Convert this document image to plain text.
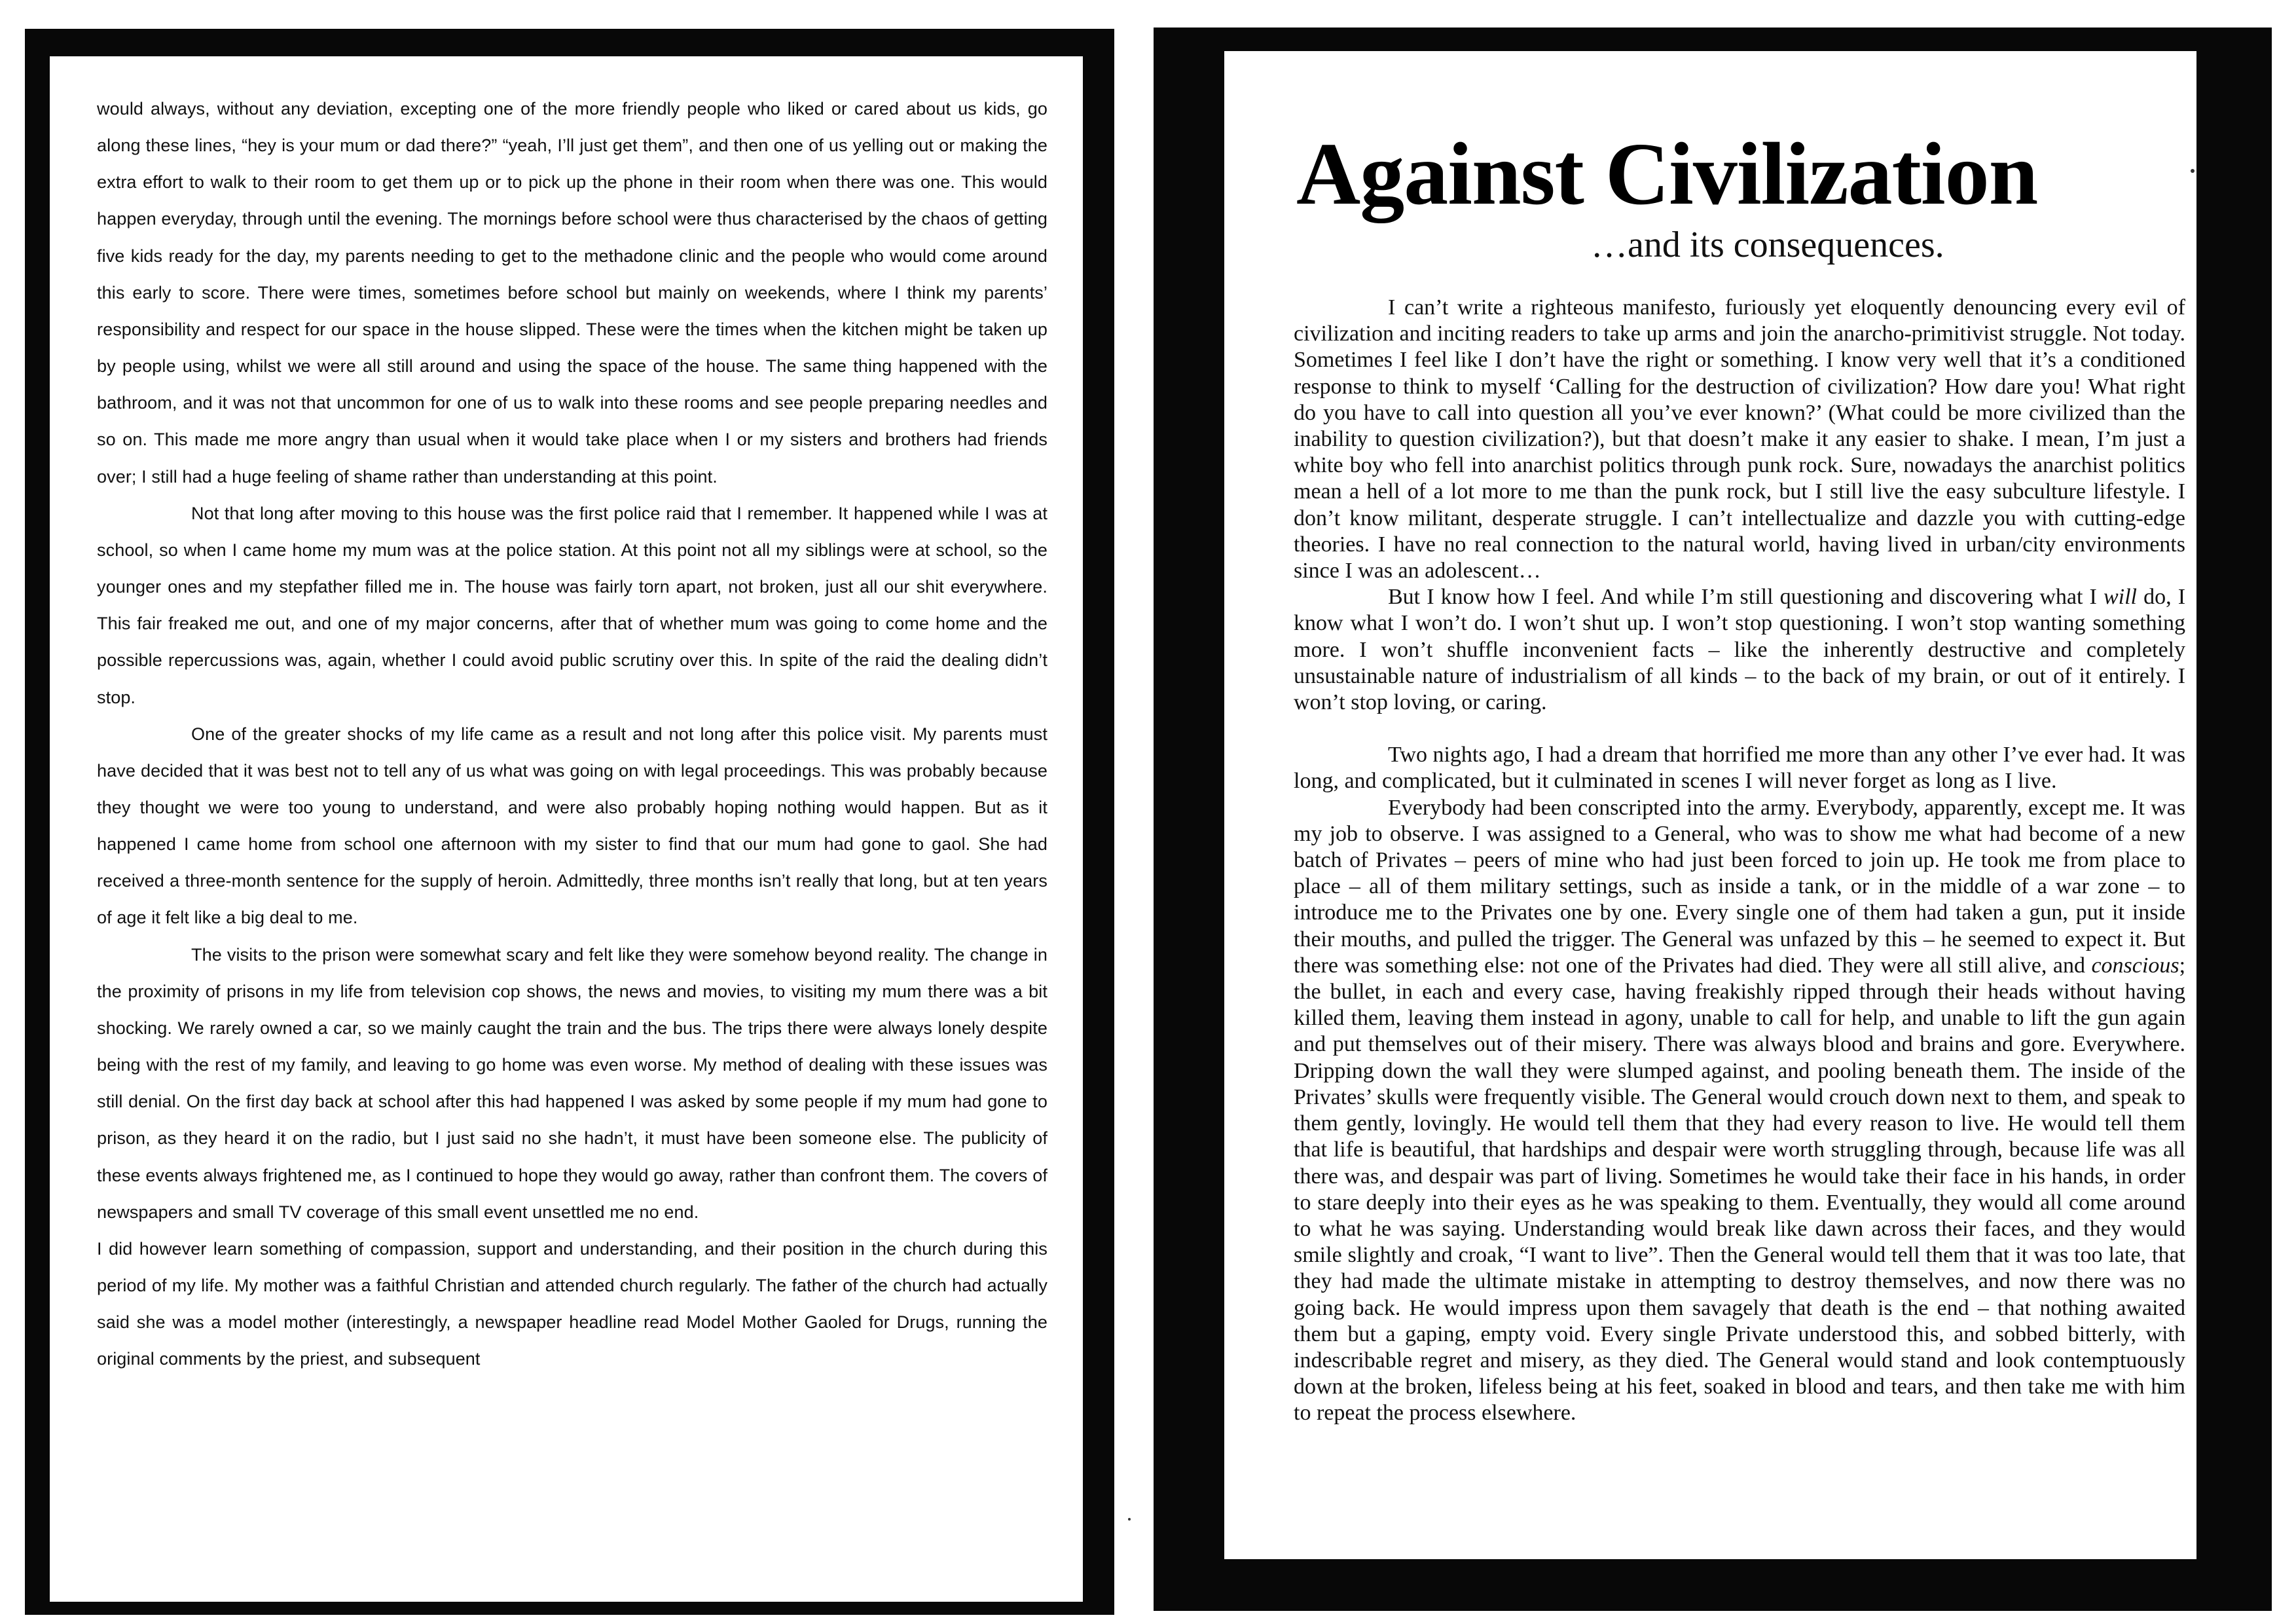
would always, without any deviation, excepting one of the more friendly people who liked or cared about us kids, go along these lines, “hey is your mum or dad there?” “yeah, I’ll just get them”, and then one of us yelling out or making the extra effort to walk to their room to get them up or to pick up the phone in their room when there was one. This would happen everyday, through until the evening. The mornings before school were thus characterised by the chaos of getting five kids ready for the day, my parents needing to get to the methadone clinic and the people who would come around this early to score. There were times, sometimes before school but mainly on weekends, where I think my parents’ responsibility and respect for our space in the house slipped. These were the times when the kitchen might be taken up by people using, whilst we were all still around and using the space of the house. The same thing happened with the bathroom, and it was not that uncommon for one of us to walk into these rooms and see people preparing needles and so on. This made me more angry than usual when it would take place when I or my sisters and brothers had friends over; I still had a huge feeling of shame rather than understanding at this point.

Not that long after moving to this house was the first police raid that I remember. It happened while I was at school, so when I came home my mum was at the police station. At this point not all my siblings were at school, so the younger ones and my stepfather filled me in. The house was fairly torn apart, not broken, just all our shit everywhere. This fair freaked me out, and one of my major concerns, after that of whether mum was going to come home and the possible repercussions was, again, whether I could avoid public scrutiny over this. In spite of the raid the dealing didn’t stop.

One of the greater shocks of my life came as a result and not long after this police visit. My parents must have decided that it was best not to tell any of us what was going on with legal proceedings. This was probably because they thought we were too young to understand, and were also probably hoping nothing would happen. But as it happened I came home from school one afternoon with my sister to find that our mum had gone to gaol. She had received a three-month sentence for the supply of heroin. Admittedly, three months isn’t really that long, but at ten years of age it felt like a big deal to me.

The visits to the prison were somewhat scary and felt like they were somehow beyond reality. The change in the proximity of prisons in my life from television cop shows, the news and movies, to visiting my mum there was a bit shocking. We rarely owned a car, so we mainly caught the train and the bus. The trips there were always lonely despite being with the rest of my family, and leaving to go home was even worse. My method of dealing with these issues was still denial. On the first day back at school after this had happened I was asked by some people if my mum had gone to prison, as they heard it on the radio, but I just said no she hadn’t, it must have been someone else. The publicity of these events always frightened me, as I continued to hope they would go away, rather than confront them. The covers of newspapers and small TV coverage of this small event unsettled me no end.

I did however learn something of compassion, support and understanding, and their position in the church during this period of my life. My mother was a faithful Christian and attended church regularly. The father of the church had actually said she was a model mother (interestingly, a newspaper headline read Model Mother Gaoled for Drugs, running the original comments by the priest, and subsequent

Against Civilization
…and its consequences.

I can’t write a righteous manifesto, furiously yet eloquently denouncing every evil of civilization and inciting readers to take up arms and join the anarcho-primitivist struggle. Not today. Sometimes I feel like I don’t have the right or something. I know very well that it’s a conditioned response to think to myself ‘Calling for the destruction of civilization? How dare you! What right do you have to call into question all you’ve ever known?’ (What could be more civilized than the inability to question civilization?), but that doesn’t make it any easier to shake. I mean, I’m just a white boy who fell into anarchist politics through punk rock. Sure, nowadays the anarchist politics mean a hell of a lot more to me than the punk rock, but I still live the easy subculture lifestyle. I don’t know militant, desperate struggle. I can’t intellectualize and dazzle you with cutting-edge theories. I have no real connection to the natural world, having lived in urban/city environments since I was an adolescent…

But I know how I feel. And while I’m still questioning and discovering what I will do, I know what I won’t do. I won’t shut up. I won’t stop questioning. I won’t stop wanting something more. I won’t shuffle inconvenient facts – like the inherently destructive and completely unsustainable nature of industrialism of all kinds – to the back of my brain, or out of it entirely. I won’t stop loving, or caring.

Two nights ago, I had a dream that horrified me more than any other I’ve ever had. It was long, and complicated, but it culminated in scenes I will never forget as long as I live.

Everybody had been conscripted into the army. Everybody, apparently, except me. It was my job to observe. I was assigned to a General, who was to show me what had become of a new batch of Privates – peers of mine who had just been forced to join up. He took me from place to place – all of them military settings, such as inside a tank, or in the middle of a war zone – to introduce me to the Privates one by one. Every single one of them had taken a gun, put it inside their mouths, and pulled the trigger. The General was unfazed by this – he seemed to expect it. But there was something else: not one of the Privates had died. They were all still alive, and conscious; the bullet, in each and every case, having freakishly ripped through their heads without having killed them, leaving them instead in agony, unable to call for help, and unable to lift the gun again and put themselves out of their misery. There was always blood and brains and gore. Everywhere. Dripping down the wall they were slumped against, and pooling beneath them. The inside of the Privates’ skulls were frequently visible. The General would crouch down next to them, and speak to them gently, lovingly. He would tell them that they had every reason to live. He would tell them that life is beautiful, that hardships and despair were worth struggling through, because life was all there was, and despair was part of living. Sometimes he would take their face in his hands, in order to stare deeply into their eyes as he was speaking to them. Eventually, they would all come around to what he was saying. Understanding would break like dawn across their faces, and they would smile slightly and croak, “I want to live”. Then the General would tell them that it was too late, that they had made the ultimate mistake in attempting to destroy themselves, and now there was no going back. He would impress upon them savagely that death is the end – that nothing awaited them but a gaping, empty void. Every single Private understood this, and sobbed bitterly, with indescribable regret and misery, as they died. The General would stand and look contemptuously down at the broken, lifeless being at his feet, soaked in blood and tears, and then take me with him to repeat the process elsewhere.
